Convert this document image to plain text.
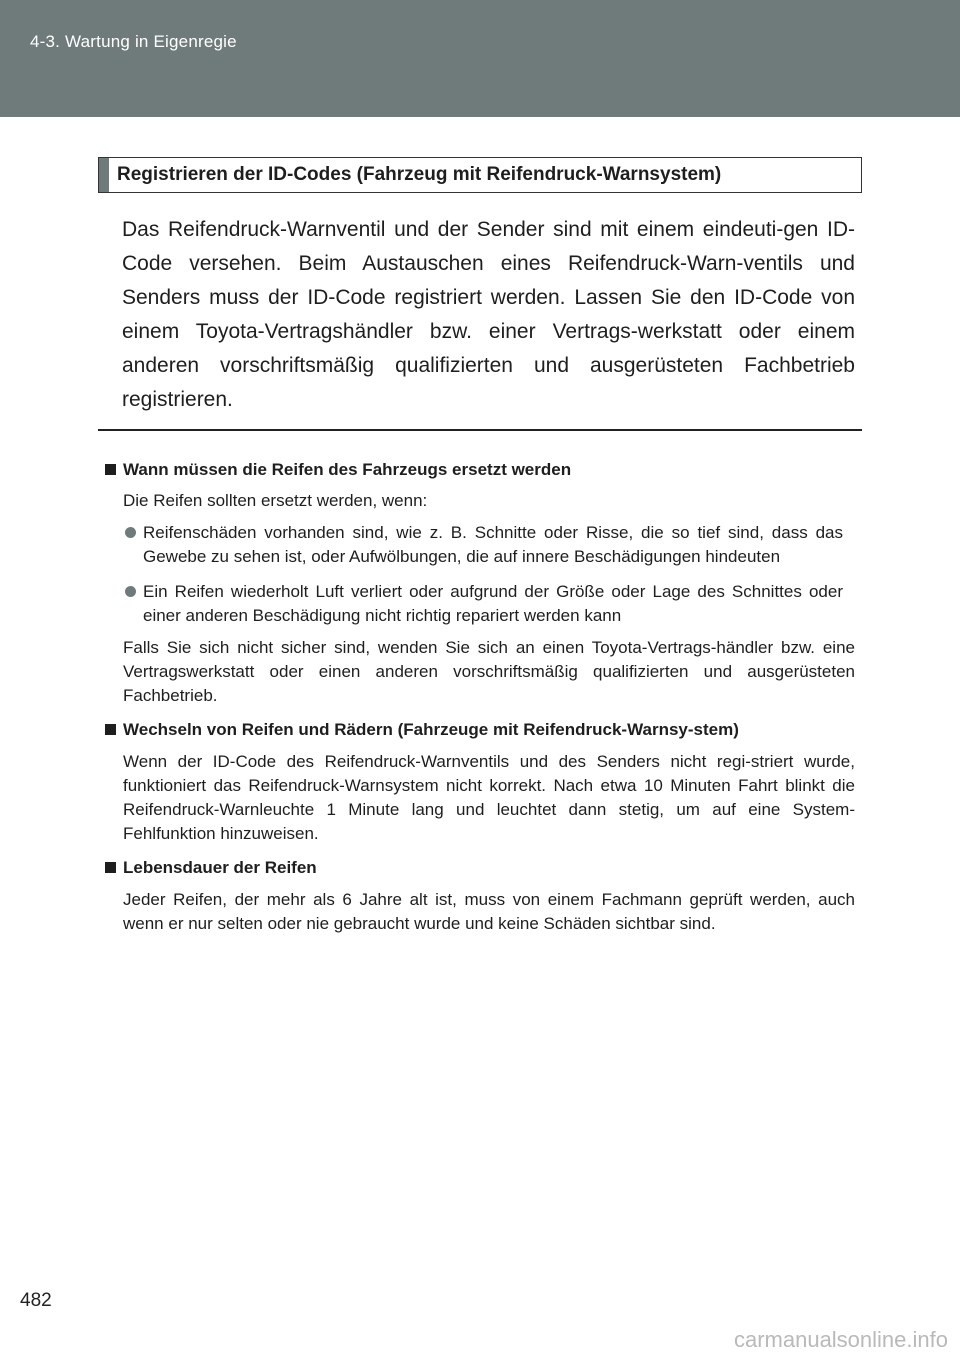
4-3. Wartung in Eigenregie
Registrieren der ID-Codes (Fahrzeug mit Reifendruck-Warnsystem)

Das Reifendruck-Warnventil und der Sender sind mit einem eindeuti-gen ID-Code versehen. Beim Austauschen eines Reifendruck-Warn-ventils und Senders muss der ID-Code registriert werden. Lassen Sie den ID-Code von einem Toyota-Vertragshändler bzw. einer Vertrags-werkstatt oder einem anderen vorschriftsmäßig qualifizierten und ausgerüsteten Fachbetrieb registrieren.

Wann müssen die Reifen des Fahrzeugs ersetzt werden
Die Reifen sollten ersetzt werden, wenn:
Reifenschäden vorhanden sind, wie z. B. Schnitte oder Risse, die so tief sind, dass das Gewebe zu sehen ist, oder Aufwölbungen, die auf innere Beschädigungen hindeuten
Ein Reifen wiederholt Luft verliert oder aufgrund der Größe oder Lage des Schnittes oder einer anderen Beschädigung nicht richtig repariert werden kann
Falls Sie sich nicht sicher sind, wenden Sie sich an einen Toyota-Vertrags-händler bzw. eine Vertragswerkstatt oder einen anderen vorschriftsmäßig qualifizierten und ausgerüsteten Fachbetrieb.
Wechseln von Reifen und Rädern (Fahrzeuge mit Reifendruck-Warnsy-stem)
Wenn der ID-Code des Reifendruck-Warnventils und des Senders nicht regi-striert wurde, funktioniert das Reifendruck-Warnsystem nicht korrekt. Nach etwa 10 Minuten Fahrt blinkt die Reifendruck-Warnleuchte 1 Minute lang und leuchtet dann stetig, um auf eine System-Fehlfunktion hinzuweisen.
Lebensdauer der Reifen
Jeder Reifen, der mehr als 6 Jahre alt ist, muss von einem Fachmann geprüft werden, auch wenn er nur selten oder nie gebraucht wurde und keine Schäden sichtbar sind.
482
carmanualsonline.info
